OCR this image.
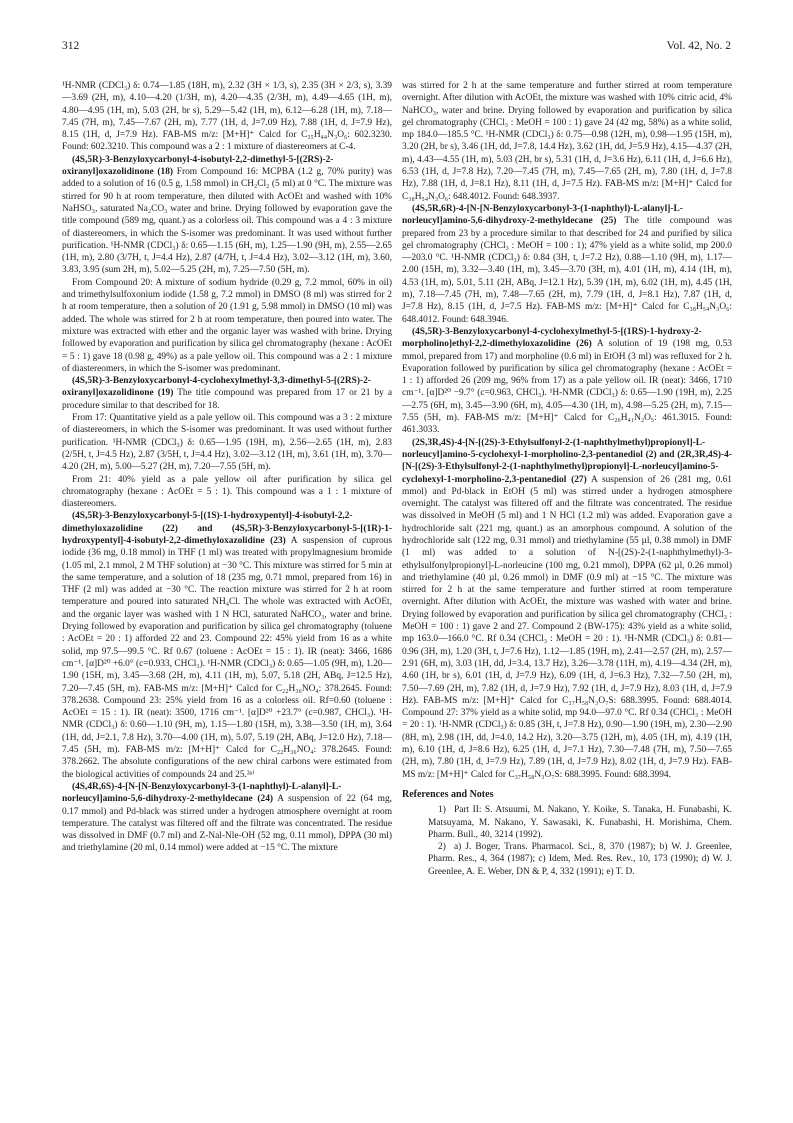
312	Vol. 42, No. 2

¹H-NMR (CDCl₃) δ: 0.74—1.85 (18H, m), 2.32 (3H × 1/3, s), 2.35 (3H × 2/3, s), 3.39—3.69 (2H, m), 4.10—4.20 (1/3H, m), 4.20—4.35 (2/3H, m), 4.49—4.65 (1H, m), 4.80—4.95 (1H, m), 5.03 (2H, br s), 5.29—5.42 (1H, m), 6.12—6.28 (1H, m), 7.18—7.45 (7H, m), 7.45—7.67 (2H, m), 7.77 (1H, d, J=7.09 Hz), 7.88 (1H, d, J=7.9 Hz), 8.15 (1H, d, J=7.9 Hz). FAB-MS m/z: [M+H]⁺ Calcd for C₃₅H₄₄N₃O₆: 602.3230. Found: 602.3210. This compound was a 2 : 1 mixture of diastereomers at C-4.

(4S,5R)-3-Benzyloxycarbonyl-4-isobutyl-2,2-dimethyl-5-[(2RS)-2-oxiranyl]oxazolidinone (18) From Compound 16: MCPBA (1.2 g, 70% purity) was added to a solution of 16 (0.5 g, 1.58 mmol) in CH₂Cl₂ (5 ml) at 0 °C. The mixture was stirred for 90 h at room temperature, then diluted with AcOEt and washed with 10% NaHSO₃, saturated Na₂CO₃ water and brine. Drying followed by evaporation gave the title compound (589 mg, quant.) as a colorless oil. This compound was a 4 : 3 mixture of diastereomers, in which the S-isomer was predominant. It was used without further purification. ¹H-NMR (CDCl₃) δ: 0.65—1.15 (6H, m), 1.25—1.90 (9H, m), 2.55—2.65 (1H, m), 2.80 (3/7H, t, J=4.4 Hz), 2.87 (4/7H, t, J=4.4 Hz), 3.02—3.12 (1H, m), 3.60, 3.83, 3.95 (sum 2H, m), 5.02—5.25 (2H, m), 7.25—7.50 (5H, m).

From Compound 20: A mixture of sodium hydride (0.29 g, 7.2 mmol, 60% in oil) and trimethylsulfoxonium iodide (1.58 g, 7.2 mmol) in DMSO (8 ml) was stirred for 2 h at room temperature, then a solution of 20 (1.91 g, 5.98 mmol) in DMSO (10 ml) was added. The whole was stirred for 2 h at room temperature, then poured into water. The mixture was extracted with ether and the organic layer was washed with brine. Drying followed by evaporation and purification by silica gel chromatography (hexane : AcOEt = 5 : 1) gave 18 (0.98 g, 49%) as a pale yellow oil. This compound was a 2 : 1 mixture of diastereomers, in which the S-isomer was predominant.

(4S,5R)-3-Benzyloxycarbonyl-4-cyclohexylmethyl-3,3-dimethyl-5-[(2RS)-2-oxiranyl]oxazolidinone (19) The title compound was prepared from 17 or 21 by a procedure similar to that described for 18.

From 17: Quantitative yield as a pale yellow oil. This compound was a 3 : 2 mixture of diastereomers, in which the S-isomer was predominant. It was used without further purification. ¹H-NMR (CDCl₃) δ: 0.65—1.95 (19H, m), 2.56—2.65 (1H, m), 2.83 (2/5H, t, J=4.5 Hz), 2.87 (3/5H, t, J=4.4 Hz), 3.02—3.12 (1H, m), 3.61 (1H, m), 3.70—4.20 (2H, m), 5.00—5.27 (2H, m), 7.20—7.55 (5H, m).

From 21: 40% yield as a pale yellow oil after purification by silica gel chromatography (hexane : AcOEt = 5 : 1). This compound was a 1 : 1 mixture of diastereomers.

(4S,5R)-3-Benzyloxycarbonyl-5-[(1S)-1-hydroxypentyl]-4-isobutyl-2,2-dimethyloxazolidine (22) and (4S,5R)-3-Benzyloxycarbonyl-5-[(1R)-1-hydroxypentyl]-4-isobutyl-2,2-dimethyloxazolidine (23) A suspension of cuprous iodide (36 mg, 0.18 mmol) in THF (1 ml) was treated with propylmagnesium bromide (1.05 ml, 2.1 mmol, 2 M THF solution) at −30 °C. This mixture was stirred for 5 min at the same temperature, and a solution of 18 (235 mg, 0.71 mmol, prepared from 16) in THF (2 ml) was added at −30 °C. The reaction mixture was stirred for 2 h at room temperature and poured into saturated NH₄Cl. The whole was extracted with AcOEt, and the organic layer was washed with 1 N HCl, saturated NaHCO₃, water and brine. Drying followed by evaporation and purification by silica gel chromatography (toluene : AcOEt = 20 : 1) afforded 22 and 23. Compound 22: 45% yield from 16 as a white solid, mp 97.5—99.5 °C. Rf 0.67 (toluene : AcOEt = 15 : 1). IR (neat): 3466, 1686 cm⁻¹. [α]D²⁰ +6.0° (c=0.933, CHCl₃). ¹H-NMR (CDCl₃) δ: 0.65—1.05 (9H, m), 1.20—1.90 (15H, m), 3.45—3.68 (2H, m), 4.11 (1H, m), 5.07, 5.18 (2H, ABq, J=12.5 Hz), 7.20—7.45 (5H, m). FAB-MS m/z: [M+H]⁺ Calcd for C₂₂H₃₆NO₄: 378.2645. Found: 378.2638. Compound 23: 25% yield from 16 as a colorless oil. Rf=0.60 (toluene : AcOEt = 15 : 1). IR (neat): 3500, 1716 cm⁻¹. [α]D²⁰ +23.7° (c=0.987, CHCl₃). ¹H-NMR (CDCl₃) δ: 0.60—1.10 (9H, m), 1.15—1.80 (15H, m), 3.38—3.50 (1H, m), 3.64 (1H, dd, J=2.1, 7.8 Hz), 3.70—4.00 (1H, m), 5.07, 5.19 (2H, ABq, J=12.0 Hz), 7.18—7.45 (5H, m). FAB-MS m/z: [M+H]⁺ Calcd for C₂₂H₃₆NO₄: 378.2645. Found: 378.2662. The absolute configurations of the new chiral carbons were estimated from the biological activities of compounds 24 and 25.³ᵃ⁾

(4S,4R,6S)-4-[N-[N-Benzyloxycarbonyl-3-(1-naphthyl)-L-alanyl]-L-norleucyl]amino-5,6-dihydroxy-2-methyldecane (24) A suspension of 22 (64 mg, 0.17 mmol) and Pd-black was stirred under a hydrogen atmosphere overnight at room temperature. The catalyst was filtered off and the filtrate was concentrated. The residue was dissolved in DMF (0.7 ml) and Z-Nal-Nle-OH (52 mg, 0.11 mmol), DPPA (30 ml) and triethylamine (20 ml, 0.14 mmol) were added at −15 °C. The mixture

was stirred for 2 h at the same temperature and further stirred at room temperature overnight. After dilution with AcOEt, the mixture was washed with 10% citric acid, 4% NaHCO₃, water and brine. Drying followed by evaporation and purification by silica gel chromatography (CHCl₃ : MeOH = 100 : 1) gave 24 (42 mg, 58%) as a white solid, mp 184.0—185.5 °C. ¹H-NMR (CDCl₃) δ: 0.75—0.98 (12H, m), 0.98—1.95 (15H, m), 3.20 (2H, br s), 3.46 (1H, dd, J=7.8, 14.4 Hz), 3.62 (1H, dd, J=5.9 Hz), 4.15—4.37 (2H, m), 4.43—4.55 (1H, m), 5.03 (2H, br s), 5.31 (1H, d, J=3.6 Hz), 6.11 (1H, d, J=6.6 Hz), 6.53 (1H, d, J=7.8 Hz), 7.20—7.45 (7H, m), 7.45—7.65 (2H, m), 7.80 (1H, d, J=7.8 Hz), 7.88 (1H, d, J=8.1 Hz), 8.11 (1H, d, J=7.5 Hz). FAB-MS m/z: [M+H]⁺ Calcd for C₃₈H₅₄N₃O₆: 648.4012. Found: 648.3937.

(4S,5R,6R)-4-[N-[N-Benzyloxycarbonyl-3-(1-naphthyl)-L-alanyl]-L-norleucyl]amino-5,6-dihydroxy-2-methyldecane (25) The title compound was prepared from 23 by a procedure similar to that described for 24 and purified by silica gel chromatography (CHCl₃ : MeOH = 100 : 1); 47% yield as a white solid, mp 200.0—203.0 °C. ¹H-NMR (CDCl₃) δ: 0.84 (3H, t, J=7.2 Hz), 0.88—1.10 (9H, m), 1.17—2.00 (15H, m), 3.32—3.40 (1H, m), 3.45—3.70 (3H, m), 4.01 (1H, m), 4.14 (1H, m), 4.53 (1H, m), 5.01, 5.11 (2H, ABq, J=12.1 Hz), 5.39 (1H, m), 6.02 (1H, m), 4.45 (1H, m), 7.18—7.45 (7H, m), 7.48—7.65 (2H, m), 7.79 (1H, d, J=8.1 Hz), 7.87 (1H, d, J=7.8 Hz), 8.15 (1H, d, J=7.5 Hz). FAB-MS m/z: [M+H]⁺ Calcd for C₃₈H₅₄N₃O₆: 648.4012. Found: 648.3946.

(4S,5R)-3-Benzyloxycarbonyl-4-cyclohexylmethyl-5-[(1RS)-1-hydroxy-2-morpholino]ethyl-2,2-dimethyloxazolidine (26) A solution of 19 (198 mg, 0.53 mmol, prepared from 17) and morpholine (0.6 ml) in EtOH (3 ml) was refluxed for 2 h. Evaporation followed by purification by silica gel chromatography (hexane : AcOEt = 1 : 1) afforded 26 (209 mg, 96% from 17) as a pale yellow oil. IR (neat): 3466, 1710 cm⁻¹. [α]D²⁰ −9.7° (c=0.963, CHCl₃). ¹H-NMR (CDCl₃) δ: 0.65—1.90 (19H, m), 2.25—2.75 (6H, m), 3.45—3.90 (6H, m), 4.05—4.30 (1H, m), 4.98—5.25 (2H, m), 7.15—7.55 (5H, m). FAB-MS m/z: [M+H]⁺ Calcd for C₂₆H₄₁N₂O₅: 461.3015. Found: 461.3033.

(2S,3R,4S)-4-[N-[(2S)-3-Ethylsulfonyl-2-(1-naphthylmethyl)propionyl]-L-norleucyl]amino-5-cyclohexyl-1-morpholino-2,3-pentanediol (2) and (2R,3R,4S)-4-[N-[(2S)-3-Ethylsulfonyl-2-(1-naphthylmethyl)propionyl]-L-norleucyl]amino-5-cyclohexyl-1-morpholino-2,3-pentanediol (27) A suspension of 26 (281 mg, 0.61 mmol) and Pd-black in EtOH (5 ml) was stirred under a hydrogen atmosphere overnight. The catalyst was filtered off and the filtrate was concentrated. The residue was dissolved in MeOH (5 ml) and 1 N HCl (1.2 ml) was added. Evaporation gave a hydrochloride salt (221 mg, quant.) as an amorphous compound. A solution of the hydrochloride salt (122 mg, 0.31 mmol) and triethylamine (55 µl, 0.38 mmol) in DMF (1 ml) was added to a solution of N-[(2S)-2-(1-naphthylmethyl)-3-ethylsulfonylpropionyl]-L-norleucine (100 mg, 0.21 mmol), DPPA (62 µl, 0.26 mmol) and triethylamine (40 µl, 0.26 mmol) in DMF (0.9 ml) at −15 °C. The mixture was stirred for 2 h at the same temperature and further stirred at room temperature overnight. After dilution with AcOEt, the mixture was washed with water and brine. Drying followed by evaporation and purification by silica gel chromatography (CHCl₃ : MeOH = 100 : 1) gave 2 and 27. Compound 2 (BW-175): 43% yield as a white solid, mp 163.0—166.0 °C. Rf 0.34 (CHCl₃ : MeOH = 20 : 1). ¹H-NMR (CDCl₃) δ: 0.81—0.96 (3H, m), 1.20 (3H, t, J=7.6 Hz), 1.12—1.85 (19H, m), 2.41—2.57 (2H, m), 2.57—2.91 (6H, m), 3.03 (1H, dd, J=3.4, 13.7 Hz), 3.26—3.78 (11H, m), 4.19—4.34 (2H, m), 4.60 (1H, br s), 6.01 (1H, d, J=7.9 Hz), 6.09 (1H, d, J=6.3 Hz), 7.32—7.50 (2H, m), 7.50—7.69 (2H, m), 7.82 (1H, d, J=7.9 Hz), 7.92 (1H, d, J=7.9 Hz), 8.03 (1H, d, J=7.9 Hz). FAB-MS m/z: [M+H]⁺ Calcd for C₃₇H₅₈N₃O₇S: 688.3995. Found: 688.4014. Compound 27: 37% yield as a white solid, mp 94.0—97.0 °C. Rf 0.34 (CHCl₃ : MeOH = 20 : 1). ¹H-NMR (CDCl₃) δ: 0.85 (3H, t, J=7.8 Hz), 0.90—1.90 (19H, m), 2.30—2.90 (8H, m), 2.98 (1H, dd, J=4.0, 14.2 Hz), 3.20—3.75 (12H, m), 4.05 (1H, m), 4.19 (1H, m), 6.10 (1H, d, J=8.6 Hz), 6.25 (1H, d, J=7.1 Hz), 7.30—7.48 (7H, m), 7.50—7.65 (2H, m), 7.80 (1H, d, J=7.9 Hz), 7.89 (1H, d, J=7.9 Hz), 8.02 (1H, d, J=7.9 Hz). FAB-MS m/z: [M+H]⁺ Calcd for C₃₇H₅₈N₃O₇S: 688.3995. Found: 688.3994.

References and Notes

1) Part II: S. Atsuumi, M. Nakano, Y. Koike, S. Tanaka, H. Funabashi, K. Matsuyama, M. Nakano, Y. Sawasaki, K. Funabashi, H. Morishima, Chem. Pharm. Bull., 40, 3214 (1992).

2) a) J. Boger, Trans. Pharmacol. Sci., 8, 370 (1987); b) W. J. Greenlee, Pharm. Res., 4, 364 (1987); c) Idem, Med. Res. Rev., 10, 173 (1990); d) W. J. Greenlee, A. E. Weber, DN & P, 4, 332 (1991); e) T. D.
